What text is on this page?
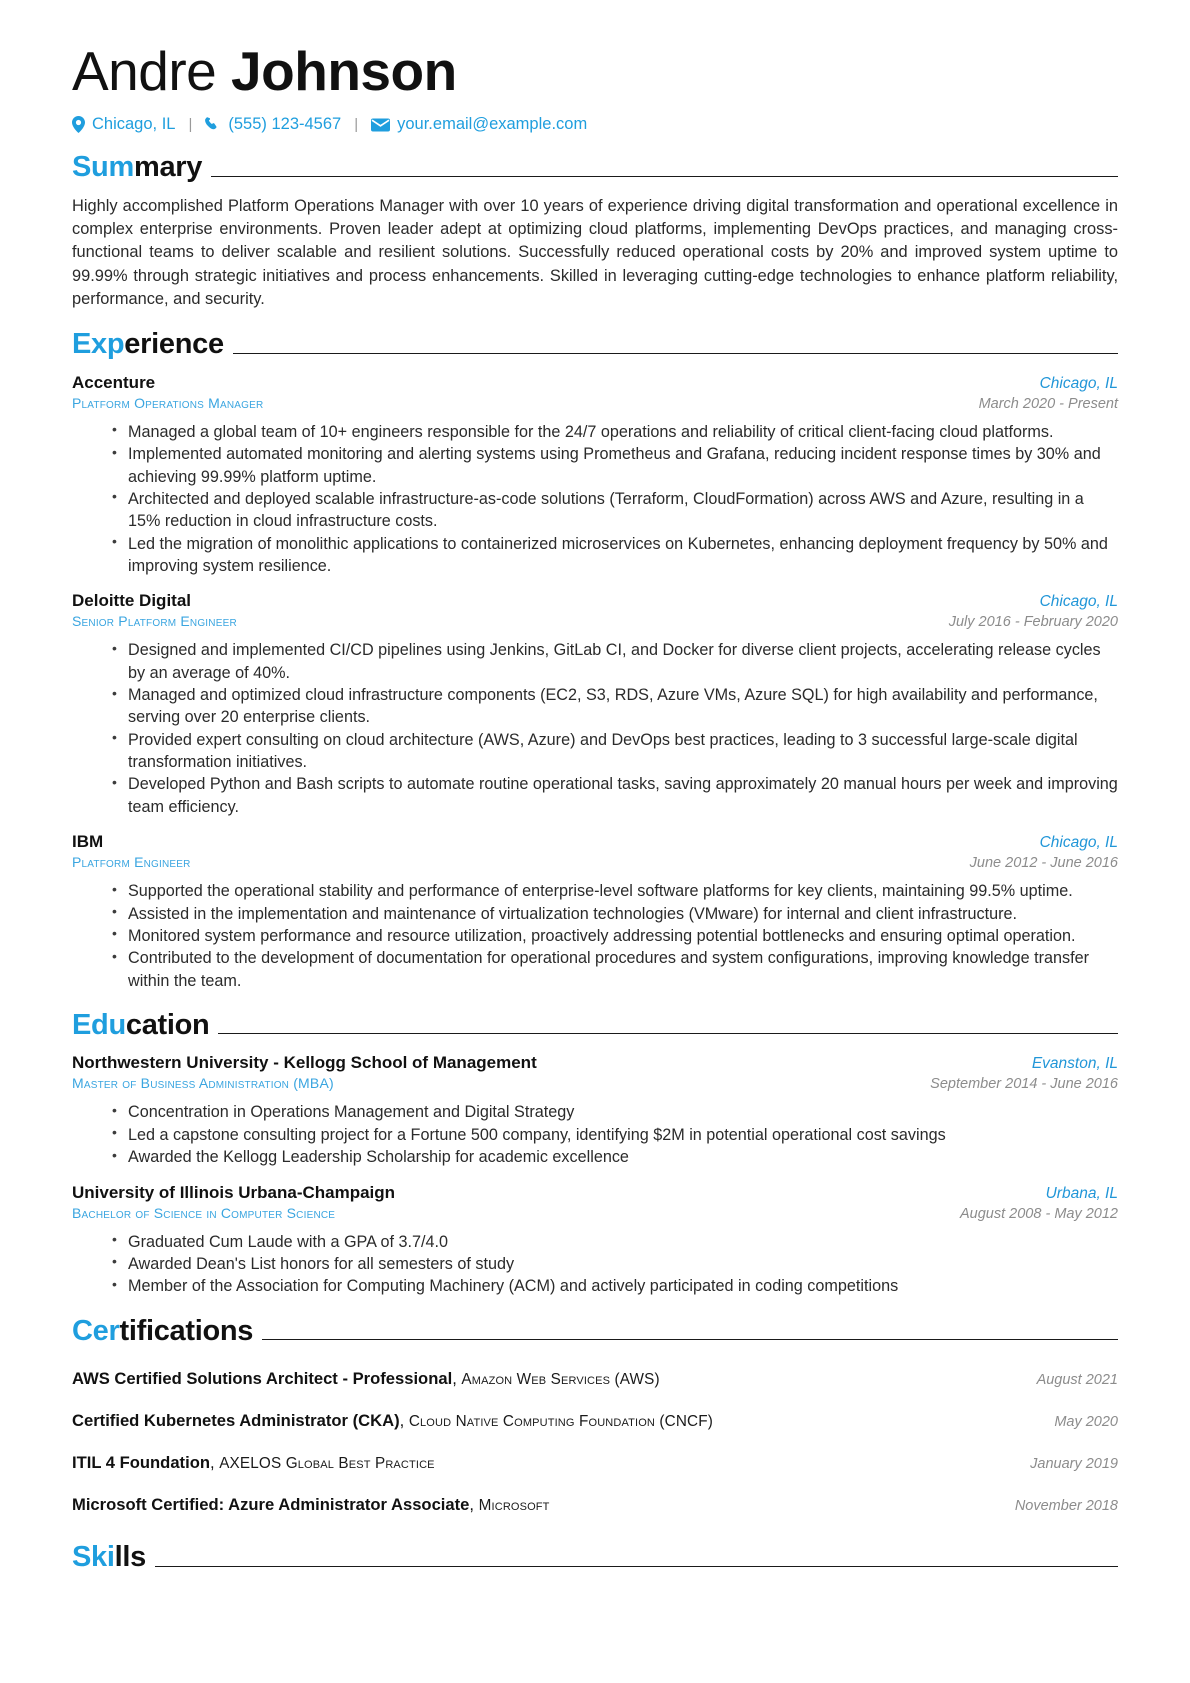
Andre Johnson
Chicago, IL |	(555) 123-4567 |	your.email@example.com
Summary

Highly accomplished Platform Operations Manager with over 10 years of experience driving digital transformation and operational excellence in complex enterprise environments. Proven leader adept at optimizing cloud platforms, implementing DevOps practices, and managing cross-functional teams to deliver scalable and resilient solutions. Successfully reduced operational costs by 20% and improved system uptime to 99.99% through strategic initiatives and process enhancements. Skilled in leveraging cutting-edge technologies to enhance platform reliability, performance, and security.

Experience
Accenture	Chicago, IL
Platform Operations Manager	March 2020 - Present
• Managed a global team of 10+ engineers responsible for the 24/7 operations and reliability of critical client-facing cloud platforms.
• Implemented automated monitoring and alerting systems using Prometheus and Grafana, reducing incident response times by 30% and achieving 99.99% platform uptime.
• Architected and deployed scalable infrastructure-as-code solutions (Terraform, CloudFormation) across AWS and Azure, resulting in a 15% reduction in cloud infrastructure costs.
• Led the migration of monolithic applications to containerized microservices on Kubernetes, enhancing deployment frequency by 50% and improving system resilience.
Deloitte Digital	Chicago, IL
Senior Platform Engineer	July 2016 - February 2020
• Designed and implemented CI/CD pipelines using Jenkins, GitLab CI, and Docker for diverse client projects, accelerating release cycles by an average of 40%.
• Managed and optimized cloud infrastructure components (EC2, S3, RDS, Azure VMs, Azure SQL) for high availability and performance, serving over 20 enterprise clients.
• Provided expert consulting on cloud architecture (AWS, Azure) and DevOps best practices, leading to 3 successful large-scale digital transformation initiatives.
• Developed Python and Bash scripts to automate routine operational tasks, saving approximately 20 manual hours per week and improving team efficiency.
IBM	Chicago, IL
Platform Engineer	June 2012 - June 2016
• Supported the operational stability and performance of enterprise-level software platforms for key clients, maintaining 99.5% uptime.
• Assisted in the implementation and maintenance of virtualization technologies (VMware) for internal and client infrastructure.
• Monitored system performance and resource utilization, proactively addressing potential bottlenecks and ensuring optimal operation.
• Contributed to the development of documentation for operational procedures and system configurations, improving knowledge transfer within the team.
Education
Northwestern University - Kellogg School of Management	Evanston, IL
Master of Business Administration (MBA)	September 2014 - June 2016
• Concentration in Operations Management and Digital Strategy
• Led a capstone consulting project for a Fortune 500 company, identifying $2M in potential operational cost savings
• Awarded the Kellogg Leadership Scholarship for academic excellence
University of Illinois Urbana-Champaign	Urbana, IL
Bachelor of Science in Computer Science	August 2008 - May 2012
• Graduated Cum Laude with a GPA of 3.7/4.0
• Awarded Dean's List honors for all semesters of study
• Member of the Association for Computing Machinery (ACM) and actively participated in coding competitions
Certifications
AWS Certified Solutions Architect - Professional, Amazon Web Services (AWS)	August 2021
Certified Kubernetes Administrator (CKA), Cloud Native Computing Foundation (CNCF)	May 2020
ITIL 4 Foundation, AXELOS Global Best Practice	January 2019
Microsoft Certified: Azure Administrator Associate, Microsoft	November 2018
Skills
